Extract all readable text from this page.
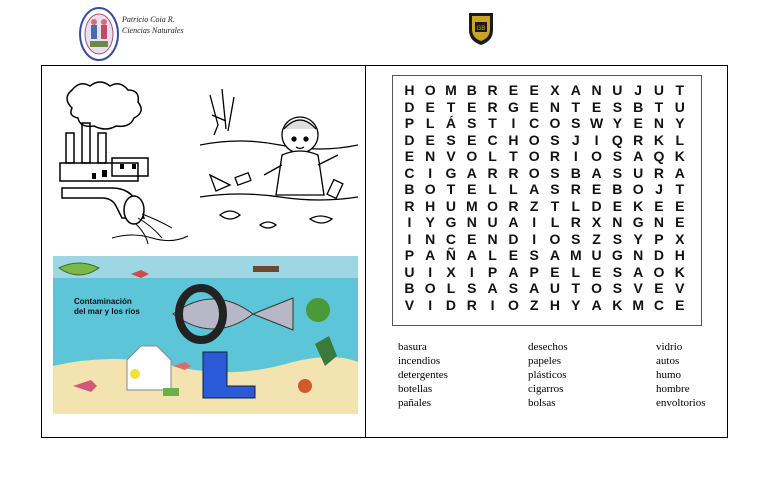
Patricio Coia R.
Ciencias Naturales	GB
Contaminación
del mar y los ríos
H O M B R E E X A N U J U T
D E T E R G E N T E S B T U
P L Á S T	I C O S W Y E N Y
D E S E C H O S J	I Q R K L
E N V O L T O R I O S A Q K
C I G A R R O S B A S U R A
B O T E L L A S R E B O J T
R H U M O R Z T L D E K E E
I	Y G N U A I	L R X N G N E
I N C E N D I O S Z S Y P X
P A Ñ A L E S A M U G N D H
U I	X	I	P A P E L E S A O K
B O L S A S A U T O S V E V
V	I D R I O Z H Y A K M C E
basura
incendios
detergentes
botellas
pañales
desechos
papeles
plásticos
cigarros
bolsas
vidrio
autos
humo
hombre
envoltorios
